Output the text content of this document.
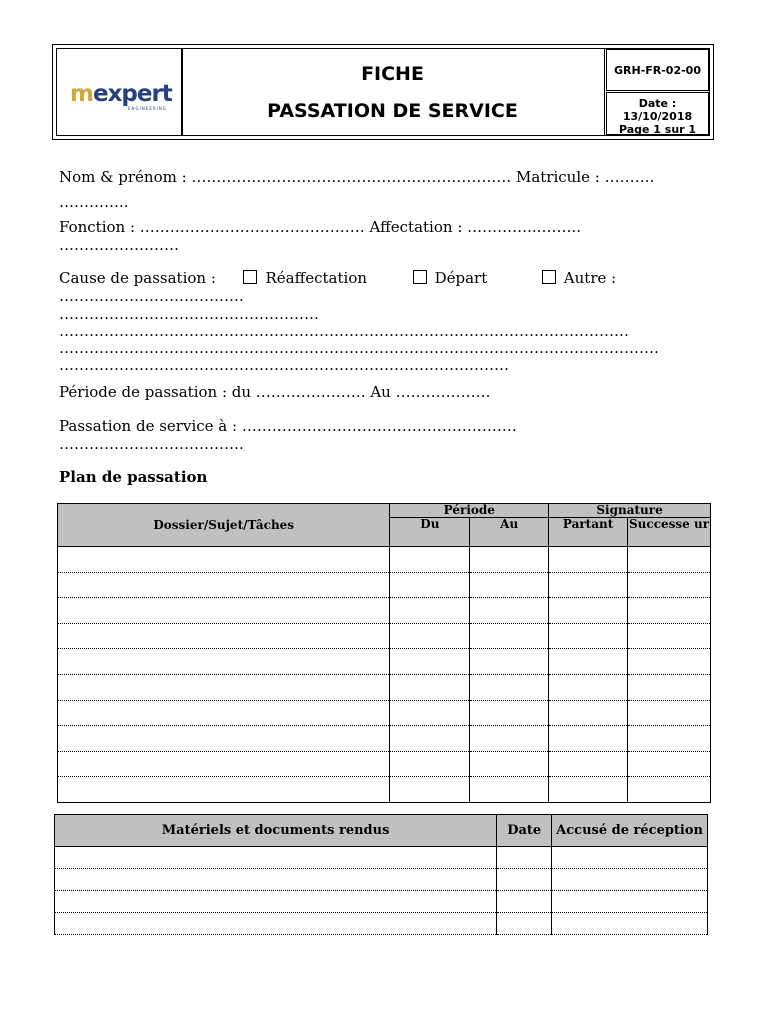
mexpert
ENGINEERING
FICHE
PASSATION DE SERVICE
GRH-FR-02-00
Date :
13/10/2018
Page 1 sur 1
Nom & prénom : ………………………………………………………. Matricule : ……….
…………..
Fonction : ……………………………………… Affectation : …………...……..
……………………
Cause de passation :	Réaffectation	Départ	Autre :
……………………………….
…………………………………………….
……………………………………………………………………………………………………
…………………………………………………………………………………………………………
………………………………………………………………………………
Période de passation : du …………………. Au ……………….
Passation de service à : ……………………………………………….
……………………………….
Plan de passation
Dossier/Sujet/Tâches	Période		Signature	
	Du	Au	Partant	Successe ur

Matériels et documents rendus	Date	Accusé de réception
